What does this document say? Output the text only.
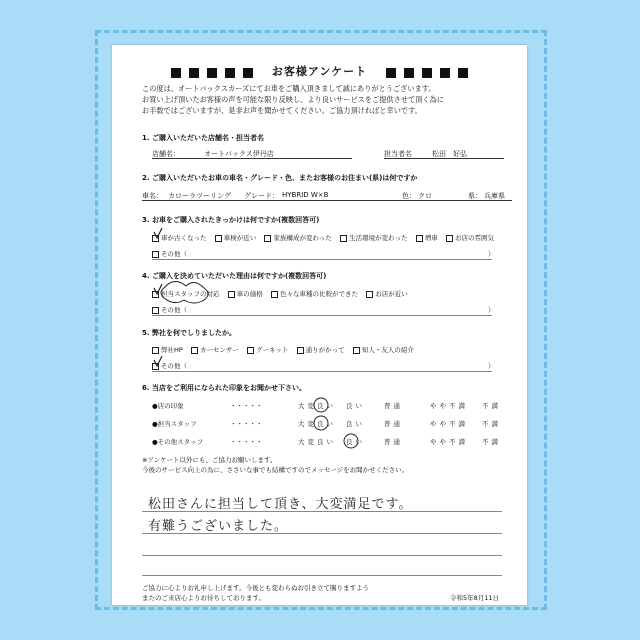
お客様アンケート
この度は、オートバックスカーズにてお車をご購入頂きまして誠にありがとうございます。
お買い上げ頂いたお客様の声を可能な限り反映し、より良いサービスをご提供させて頂く為に
お手数ではございますが、是非お声を聞かせてください。ご協力頂ければと幸いです。
1. ご購入いただいた店舗名・担当者名
店舗名：	オートバックス伊丹店	担当者名	松田　好弘
2. ご購入いただいたお車の車名・グレード・色、またお客様のお住まい(県)は何ですか
車名： カローラツーリング グレード： HYBRID W×B	色： クロ	県： 兵庫県
3. お車をご購入されたきっかけは何ですか(複数回答可)
車が古くなった	車検が近い	家族構成が変わった	生活環境が変わった	増車	お店の雰囲気
その他（	）
4. ご購入を決めていただいた理由は何ですか(複数回答可)
担当スタッフの対応	車の価格	色々な車種の比較ができた	お店が近い
その他（	）
5. 弊社を何でしりましたか。
弊社HP	カーセンサー	グーネット	通りがかって	知人・友人の紹介
その他（	）
6. 当店をご利用になられた印象をお聞かせ下さい。
●店の印象	・・・・・	大変良い 良い	普通	やや不満 不満
●担当スタッフ	・・・・・	大変良い 良い	普通	やや不満 不満
●その他スタッフ	・・・・・	大変良い 良い	普通	やや不満 不満
※アンケート以外にも、ご協力お願いします。
今後のサービス向上の為に、ささいな事でも結構ですのでメッセージをお聞かせください。
松田さんに担当して頂き、大変満足です。
有難うございました。
ご協力に心よりお礼申し上げます。今後とも変わらぬお引き立て賜りますよう
またのご来店心よりお待ちしております。	令和5年8月11日
